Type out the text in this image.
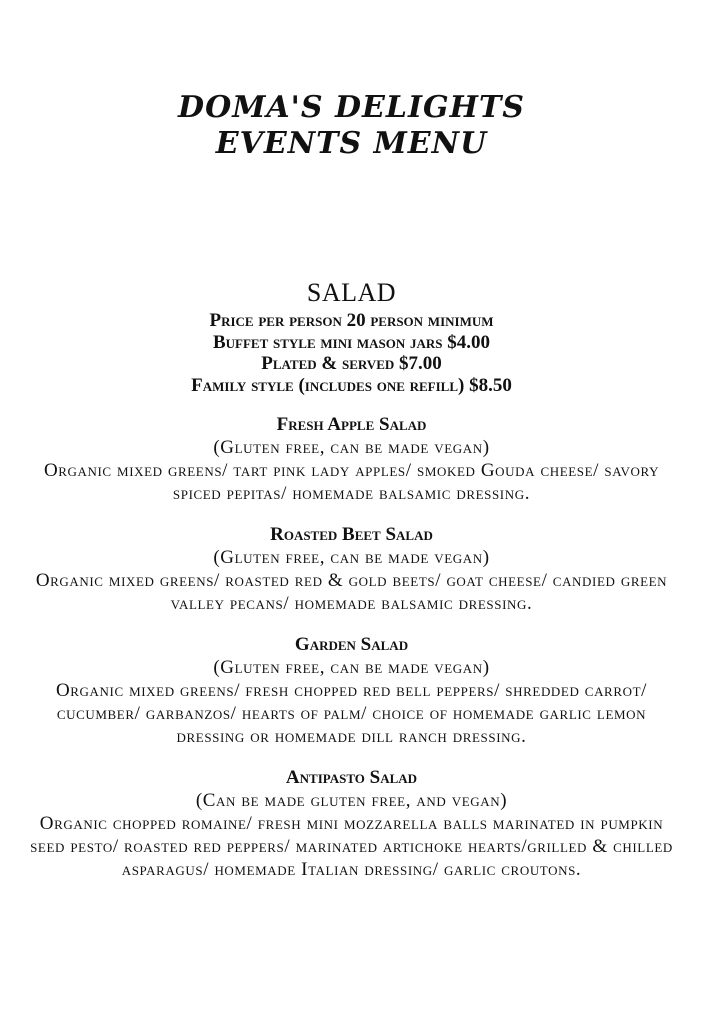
DOMA'S DELIGHTS
EVENTS MENU
SALAD
Price per person 20 person minimum
Buffet style mini mason jars $4.00
Plated & served $7.00
Family style (includes one refill) $8.50

Fresh Apple Salad

(Gluten free, can be made vegan)

Organic mixed greens/ tart pink lady apples/ smoked Gouda cheese/ savory spiced pepitas/ homemade balsamic dressing.

Roasted Beet Salad

(Gluten free, can be made vegan)

Organic mixed greens/ roasted red & gold beets/ goat cheese/ candied green valley pecans/ homemade balsamic dressing.

Garden Salad

(Gluten free, can be made vegan)

Organic mixed greens/ fresh chopped red bell peppers/ shredded carrot/ cucumber/ garbanzos/ hearts of palm/ choice of homemade garlic lemon dressing or homemade dill ranch dressing.

Antipasto Salad

(Can be made gluten free, and vegan)

Organic chopped romaine/ fresh mini mozzarella balls marinated in pumpkin seed pesto/ roasted red peppers/ marinated artichoke hearts/grilled & chilled asparagus/ homemade Italian dressing/ garlic croutons.
